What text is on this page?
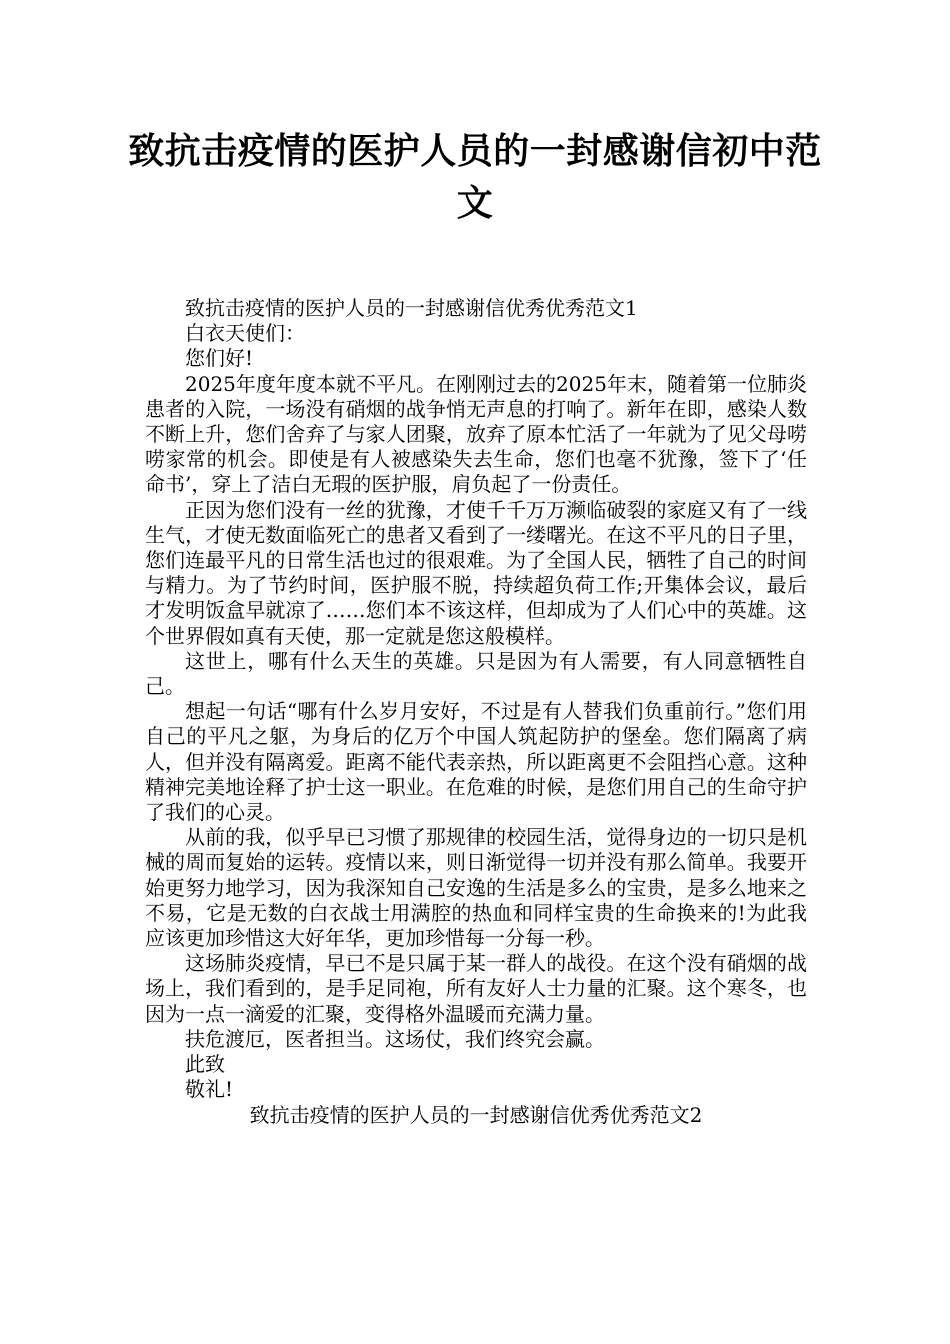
致抗击疫情的医护人员的一封感谢信初中范文

致抗击疫情的医护人员的一封感谢信优秀优秀范文1

白衣天使们：

您们好!

2025年度年度本就不平凡。在刚刚过去的2025年末，随着第一位肺炎患者的入院，一场没有硝烟的战争悄无声息的打响了。新年在即，感染人数不断上升，您们舍弃了与家人团聚，放弃了原本忙活了一年就为了见父母唠唠家常的机会。即使是有人被感染失去生命，您们也毫不犹豫，签下了‘任命书’，穿上了洁白无瑕的医护服，肩负起了一份责任。

正因为您们没有一丝的犹豫，才使千千万万濒临破裂的家庭又有了一线生气，才使无数面临死亡的患者又看到了一缕曙光。在这不平凡的日子里，您们连最平凡的日常生活也过的很艰难。为了全国人民，牺牲了自己的时间与精力。为了节约时间，医护服不脱，持续超负荷工作;开集体会议，最后才发明饭盒早就凉了……您们本不该这样，但却成为了人们心中的英雄。这个世界假如真有天使，那一定就是您这般模样。

这世上，哪有什么天生的英雄。只是因为有人需要，有人同意牺牲自己。

想起一句话“哪有什么岁月安好，不过是有人替我们负重前行。”您们用自己的平凡之躯，为身后的亿万个中国人筑起防护的堡垒。您们隔离了病人，但并没有隔离爱。距离不能代表亲热，所以距离更不会阻挡心意。这种精神完美地诠释了护士这一职业。在危难的时候，是您们用自己的生命守护了我们的心灵。

从前的我，似乎早已习惯了那规律的校园生活，觉得身边的一切只是机械的周而复始的运转。疫情以来，则日渐觉得一切并没有那么简单。我要开始更努力地学习，因为我深知自己安逸的生活是多么的宝贵，是多么地来之不易，它是无数的白衣战士用满腔的热血和同样宝贵的生命换来的!为此我应该更加珍惜这大好年华，更加珍惜每一分每一秒。

这场肺炎疫情，早已不是只属于某一群人的战役。在这个没有硝烟的战场上，我们看到的，是手足同袍，所有友好人士力量的汇聚。这个寒冬，也因为一点一滴爱的汇聚，变得格外温暖而充满力量。

扶危渡厄，医者担当。这场仗，我们终究会赢。

此致

敬礼!

致抗击疫情的医护人员的一封感谢信优秀优秀范文2
